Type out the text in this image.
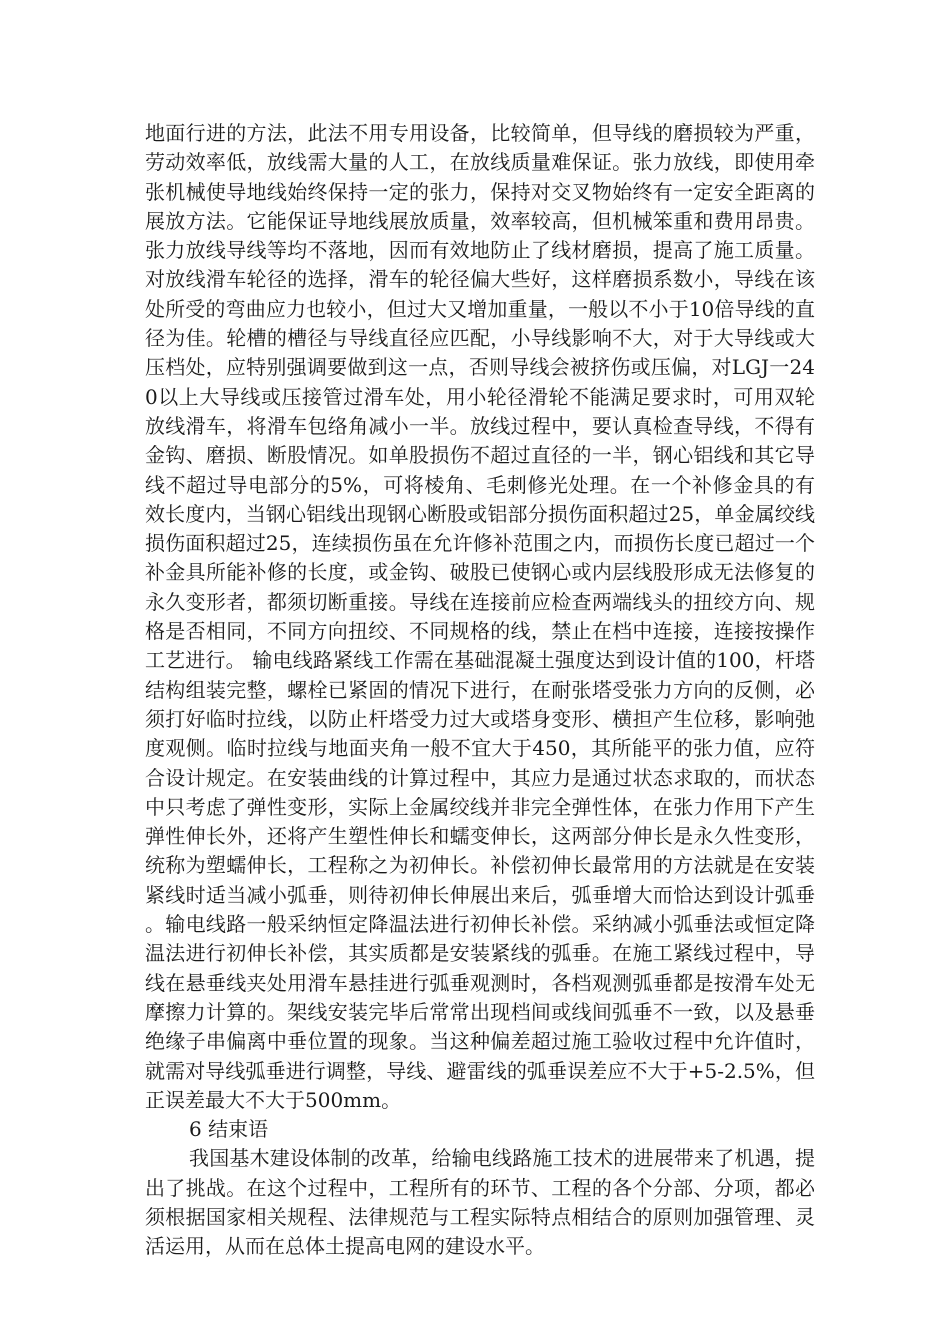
地面行进的方法，此法不用专用设备，比较简单，但导线的磨损较为严重，劳动效率低，放线需大量的人工，在放线质量难保证。张力放线，即使用牵张机械使导地线始终保持一定的张力，保持对交叉物始终有一定安全距离的展放方法。它能保证导地线展放质量，效率较高，但机械笨重和费用昂贵。张力放线导线等均不落地，因而有效地防止了线材磨损，提高了施工质量。对放线滑车轮径的选择，滑车的轮径偏大些好，这样磨损系数小，导线在该处所受的弯曲应力也较小，但过大又增加重量，一般以不小于10倍导线的直径为佳。轮槽的槽径与导线直径应匹配，小导线影响不大，对于大导线或大压档处，应特别强调要做到这一点，否则导线会被挤伤或压偏，对LGJ一240以上大导线或压接管过滑车处，用小轮径滑轮不能满足要求时，可用双轮放线滑车，将滑车包络角减小一半。放线过程中，要认真检查导线，不得有金钩、磨损、断股情况。如单股损伤不超过直径的一半，钢心铝线和其它导线不超过导电部分的5%，可将棱角、毛刺修光处理。在一个补修金具的有效长度内，当钢心铝线出现钢心断股或铝部分损伤面积超过25，单金属绞线损伤面积超过25，连续损伤虽在允许修补范围之内，而损伤长度已超过一个补金具所能补修的长度，或金钩、破股已使钢心或内层线股形成无法修复的永久变形者，都须切断重接。导线在连接前应检查两端线头的扭绞方向、规格是否相同，不同方向扭绞、不同规格的线，禁止在档中连接，连接按操作工艺进行。 输电线路紧线工作需在基础混凝土强度达到设计值的100，杆塔结构组装完整，螺栓已紧固的情况下进行，在耐张塔受张力方向的反侧，必须打好临时拉线，以防止杆塔受力过大或塔身变形、横担产生位移，影响弛度观侧。临时拉线与地面夹角一般不宜大于450，其所能平的张力值，应符合设计规定。在安装曲线的计算过程中，其应力是通过状态求取的，而状态中只考虑了弹性变形，实际上金属绞线并非完全弹性体，在张力作用下产生弹性伸长外，还将产生塑性伸长和蠕变伸长，这两部分伸长是永久性变形，统称为塑蠕伸长，工程称之为初伸长。补偿初伸长最常用的方法就是在安装紧线时适当减小弧垂，则待初伸长伸展出来后，弧垂增大而恰达到设计弧垂。输电线路一般采纳恒定降温法进行初伸长补偿。采纳减小弧垂法或恒定降温法进行初伸长补偿，其实质都是安装紧线的弧垂。在施工紧线过程中，导线在悬垂线夹处用滑车悬挂进行弧垂观测时，各档观测弧垂都是按滑车处无摩擦力计算的。架线安装完毕后常常出现档间或线间弧垂不一致，以及悬垂绝缘子串偏离中垂位置的现象。当这种偏差超过施工验收过程中允许值时，就需对导线弧垂进行调整，导线、避雷线的弧垂误差应不大于+5-2.5%，但正误差最大不大于500mm。

6 结束语

我国基木建设体制的改革，给输电线路施工技术的进展带来了机遇，提出了挑战。在这个过程中，工程所有的环节、工程的各个分部、分项，都必须根据国家相关规程、法律规范与工程实际特点相结合的原则加强管理、灵活运用，从而在总体土提高电网的建设水平。
